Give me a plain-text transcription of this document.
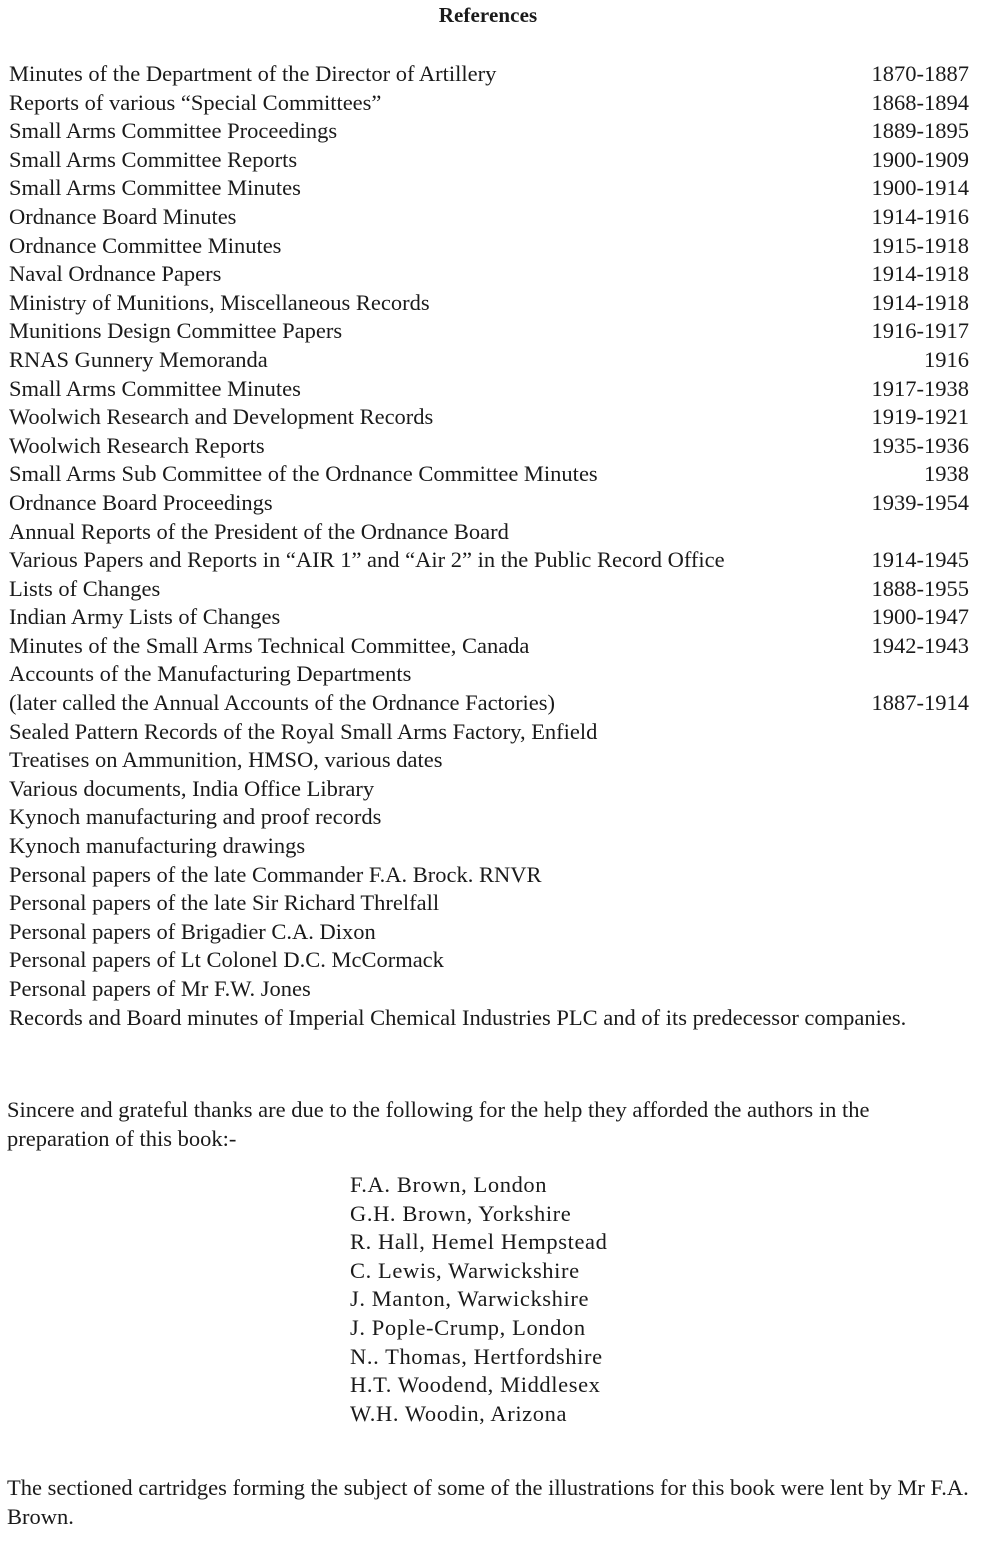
References
Minutes of the Department of the Director of Artillery	1870-1887
Reports of various “Special Committees”	1868-1894
Small Arms Committee Proceedings	1889-1895
Small Arms Committee Reports	1900-1909
Small Arms Committee Minutes	1900-1914
Ordnance Board Minutes	1914-1916
Ordnance Committee Minutes	1915-1918
Naval Ordnance Papers	1914-1918
Ministry of Munitions, Miscellaneous Records	1914-1918
Munitions Design Committee Papers	1916-1917
RNAS Gunnery Memoranda	1916
Small Arms Committee Minutes	1917-1938
Woolwich Research and Development Records	1919-1921
Woolwich Research Reports	1935-1936
Small Arms Sub Committee of the Ordnance Committee Minutes	1938
Ordnance Board Proceedings	1939-1954
Annual Reports of the President of the Ordnance Board
Various Papers and Reports in “AIR 1” and “Air 2” in the Public Record Office	1914-1945
Lists of Changes	1888-1955
Indian Army Lists of Changes	1900-1947
Minutes of the Small Arms Technical Committee, Canada	1942-1943
Accounts of the Manufacturing Departments
(later called the Annual Accounts of the Ordnance Factories)	1887-1914
Sealed Pattern Records of the Royal Small Arms Factory, Enfield
Treatises on Ammunition, HMSO, various dates
Various documents, India Office Library
Kynoch manufacturing and proof records
Kynoch manufacturing drawings
Personal papers of the late Commander F.A. Brock. RNVR
Personal papers of the late Sir Richard Threlfall
Personal papers of Brigadier C.A. Dixon
Personal papers of Lt Colonel D.C. McCormack
Personal papers of Mr F.W. Jones
Records and Board minutes of Imperial Chemical Industries PLC and of its predecessor companies.
Sincere and grateful thanks are due to the following for the help they afforded the authors in the preparation of this book:-
F.A. Brown, London
G.H. Brown, Yorkshire
R. Hall, Hemel Hempstead
C. Lewis, Warwickshire
J. Manton, Warwickshire
J. Pople-Crump, London
N.. Thomas, Hertfordshire
H.T. Woodend, Middlesex
W.H. Woodin, Arizona
The sectioned cartridges forming the subject of some of the illustrations for this book were lent by Mr F.A. Brown.
